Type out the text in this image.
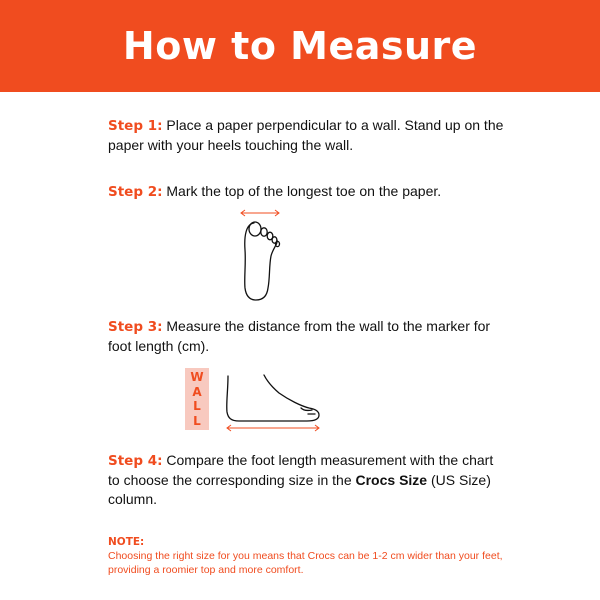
How to Measure
Step 1: Place a paper perpendicular to a wall. Stand up on the paper with your heels touching the wall.
Step 2: Mark the top of the longest toe on the paper.
Step 3: Measure the distance from the wall to the marker for foot length (cm).
W
A
L
L
Step 4: Compare the foot length measurement with the chart to choose the corresponding size in the Crocs Size (US Size) column.
NOTE:
Choosing the right size for you means that Crocs can be 1-2 cm wider than your feet, providing a roomier top and more comfort.
